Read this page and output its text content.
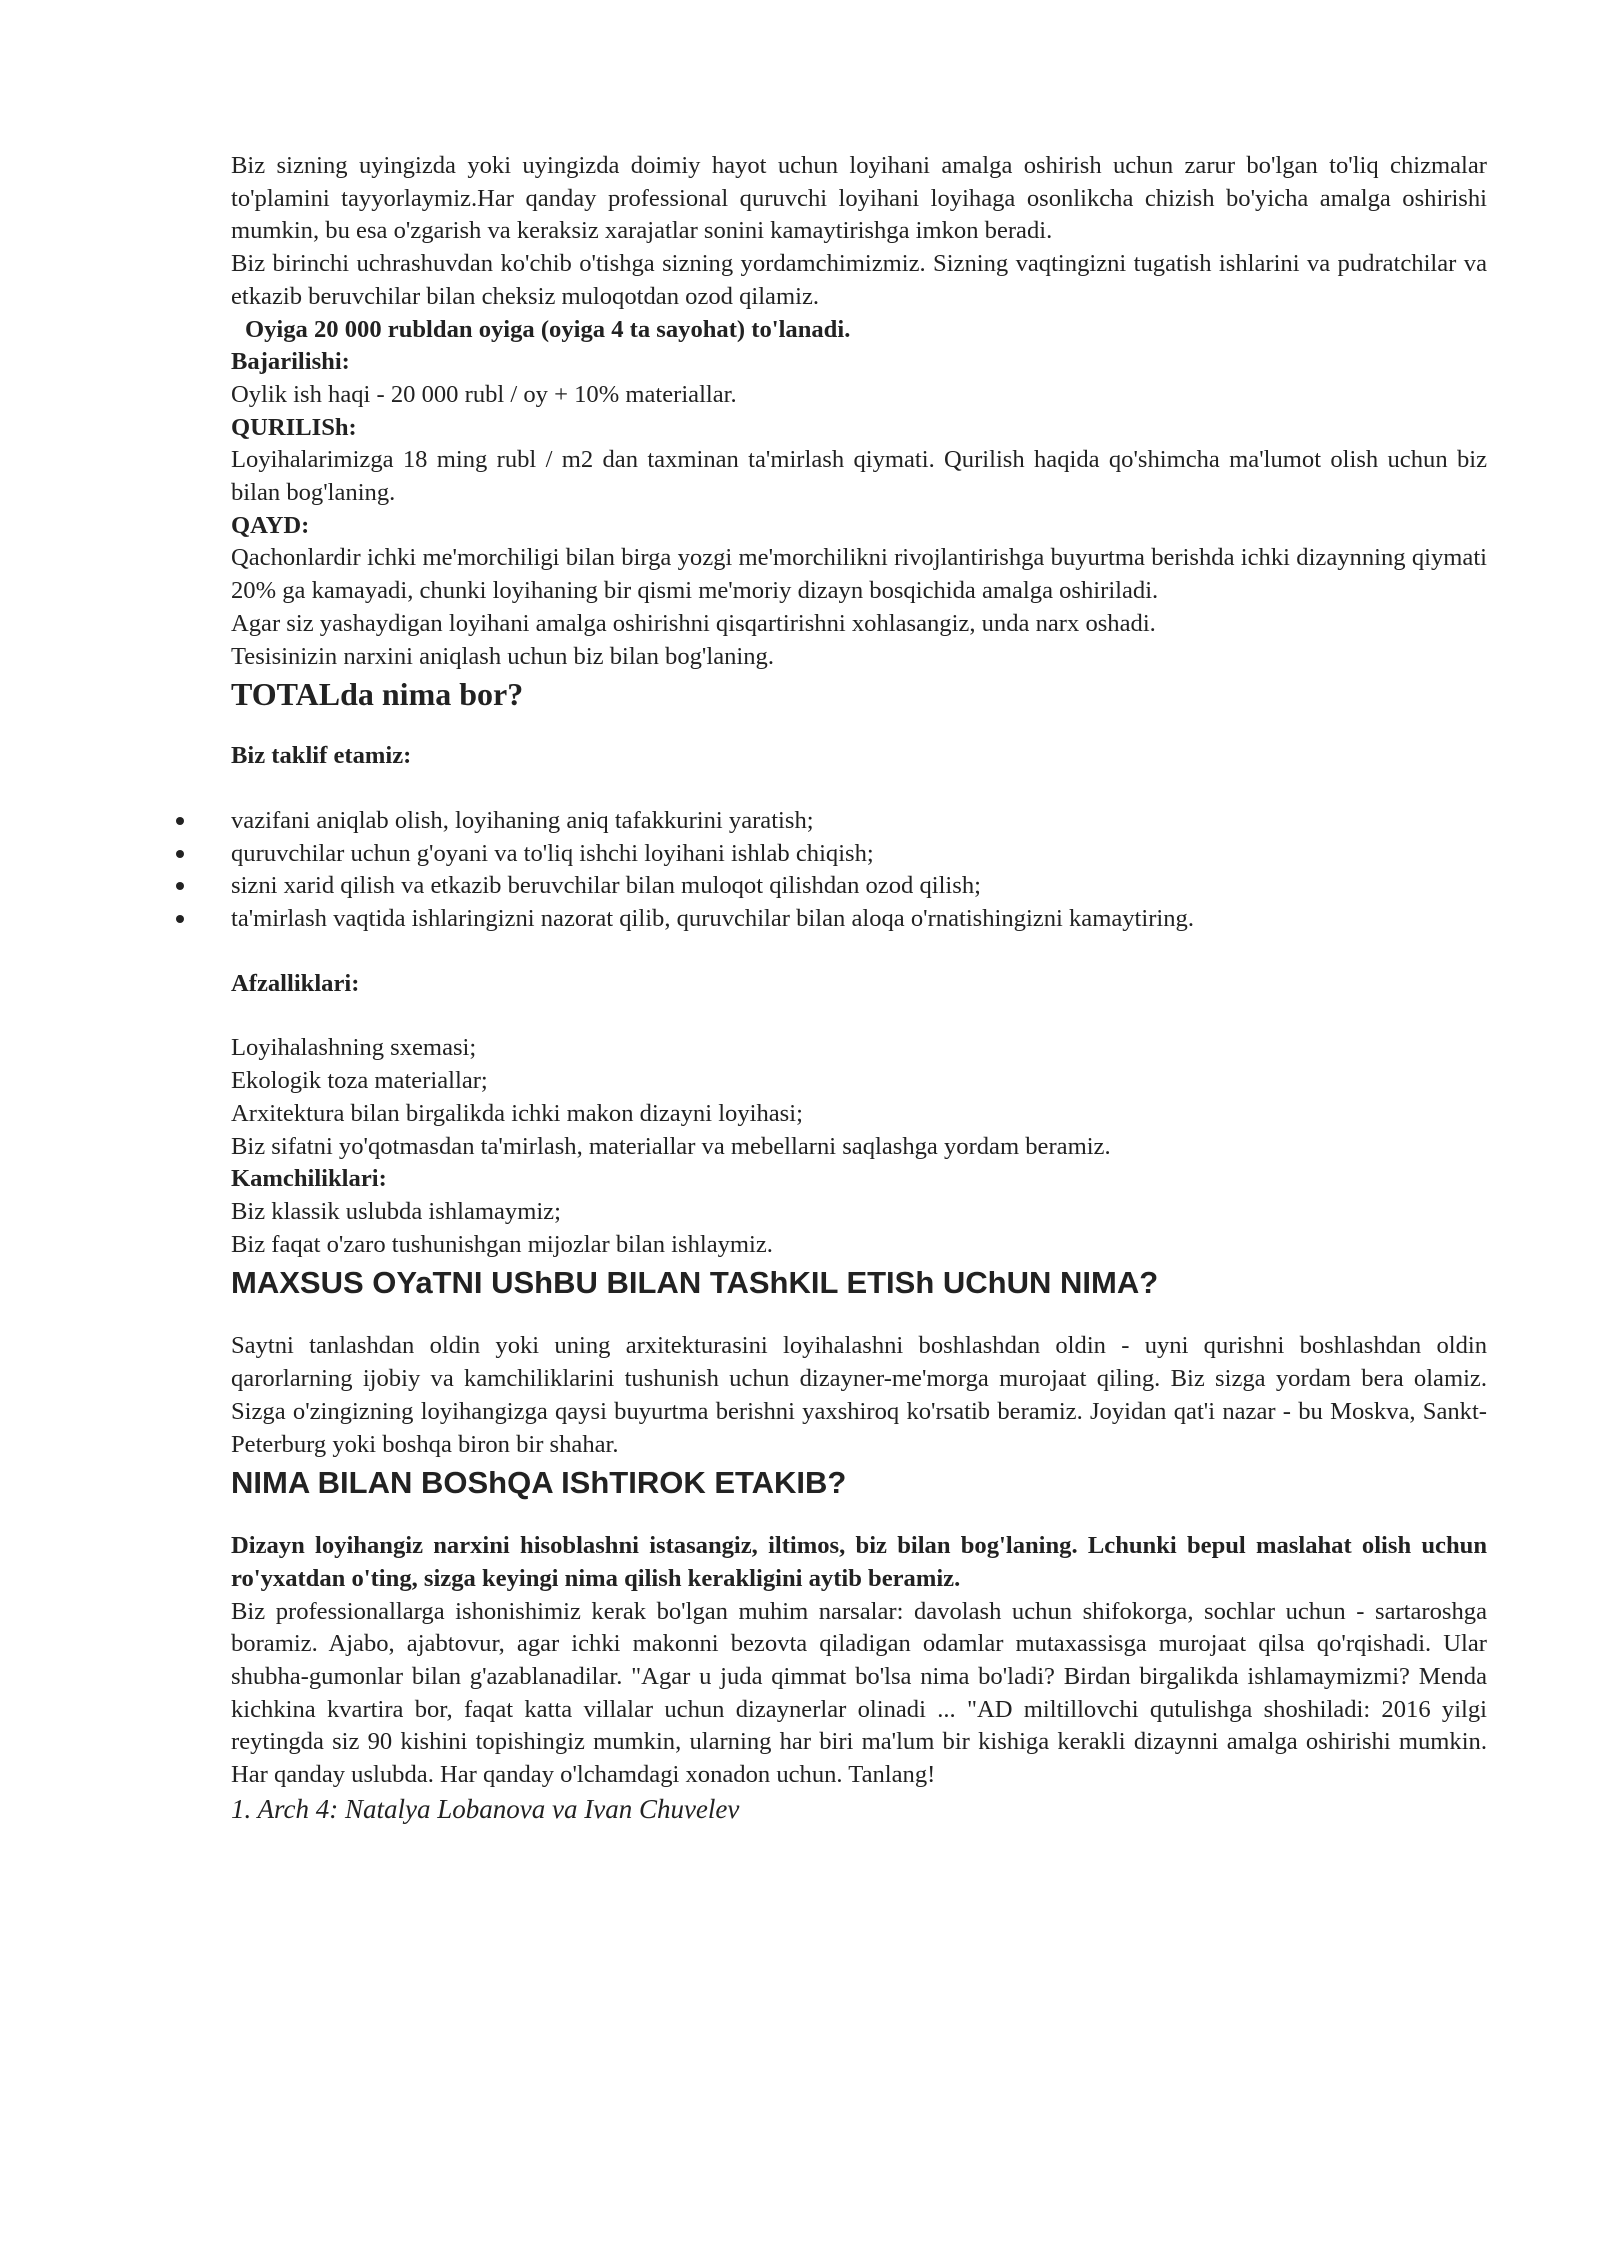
Biz sizning uyingizda yoki uyingizda doimiy hayot uchun loyihani amalga oshirish uchun zarur bo'lgan to'liq chizmalar to'plamini tayyorlaymiz.Har qanday professional quruvchi loyihani loyihaga osonlikcha chizish bo'yicha amalga oshirishi mumkin, bu esa o'zgarish va keraksiz xarajatlar sonini kamaytirishga imkon beradi.

Biz birinchi uchrashuvdan ko'chib o'tishga sizning yordamchimizmiz. Sizning vaqtingizni tugatish ishlarini va pudratchilar va etkazib beruvchilar bilan cheksiz muloqotdan ozod qilamiz.

Oyiga 20 000 rubldan oyiga (oyiga 4 ta sayohat) to'lanadi.

Bajarilishi:

Oylik ish haqi - 20 000 rubl / oy + 10% materiallar.

QURILISh:

Loyihalarimizga 18 ming rubl / m2 dan taxminan ta'mirlash qiymati. Qurilish haqida qo'shimcha ma'lumot olish uchun biz bilan bog'laning.

QAYD:

Qachonlardir ichki me'morchiligi bilan birga yozgi me'morchilikni rivojlantirishga buyurtma berishda ichki dizaynning qiymati 20% ga kamayadi, chunki loyihaning bir qismi me'moriy dizayn bosqichida amalga oshiriladi.

Agar siz yashaydigan loyihani amalga oshirishni qisqartirishni xohlasangiz, unda narx oshadi.

Tesisinizin narxini aniqlash uchun biz bilan bog'laning.

TOTALda nima bor?

Biz taklif etamiz:

vazifani aniqlab olish, loyihaning aniq tafakkurini yaratish;
quruvchilar uchun g'oyani va to'liq ishchi loyihani ishlab chiqish;
sizni xarid qilish va etkazib beruvchilar bilan muloqot qilishdan ozod qilish;
ta'mirlash vaqtida ishlaringizni nazorat qilib, quruvchilar bilan aloqa o'rnatishingizni kamaytiring.

Afzalliklari:

Loyihalashning sxemasi;

Ekologik toza materiallar;

Arxitektura bilan birgalikda ichki makon dizayni loyihasi;

Biz sifatni yo'qotmasdan ta'mirlash, materiallar va mebellarni saqlashga yordam beramiz.

Kamchiliklari:

Biz klassik uslubda ishlamaymiz;

Biz faqat o'zaro tushunishgan mijozlar bilan ishlaymiz.

MAXSUS OYaTNI UShBU BILAN TAShKIL ETISh UChUN NIMA?

Saytni tanlashdan oldin yoki uning arxitekturasini loyihalashni boshlashdan oldin - uyni qurishni boshlashdan oldin qarorlarning ijobiy va kamchiliklarini tushunish uchun dizayner-me'morga murojaat qiling. Biz sizga yordam bera olamiz. Sizga o'zingizning loyihangizga qaysi buyurtma berishni yaxshiroq ko'rsatib beramiz. Joyidan qat'i nazar - bu Moskva, Sankt-Peterburg yoki boshqa biron bir shahar.

NIMA BILAN BOShQA IShTIROK ETAKIB?

Dizayn loyihangiz narxini hisoblashni istasangiz, iltimos, biz bilan bog'laning. Lchunki bepul maslahat olish uchun ro'yxatdan o'ting, sizga keyingi nima qilish kerakligini aytib beramiz.

Biz professionallarga ishonishimiz kerak bo'lgan muhim narsalar: davolash uchun shifokorga, sochlar uchun - sartaroshga boramiz. Ajabo, ajabtovur, agar ichki makonni bezovta qiladigan odamlar mutaxassisga murojaat qilsa qo'rqishadi. Ular shubha-gumonlar bilan g'azablanadilar. "Agar u juda qimmat bo'lsa nima bo'ladi? Birdan birgalikda ishlamaymizmi? Menda kichkina kvartira bor, faqat katta villalar uchun dizaynerlar olinadi ... "AD miltillovchi qutulishga shoshiladi: 2016 yilgi reytingda siz 90 kishini topishingiz mumkin, ularning har biri ma'lum bir kishiga kerakli dizaynni amalga oshirishi mumkin. Har qanday uslubda. Har qanday o'lchamdagi xonadon uchun. Tanlang!

1. Arch 4: Natalya Lobanova va Ivan Chuvelev
